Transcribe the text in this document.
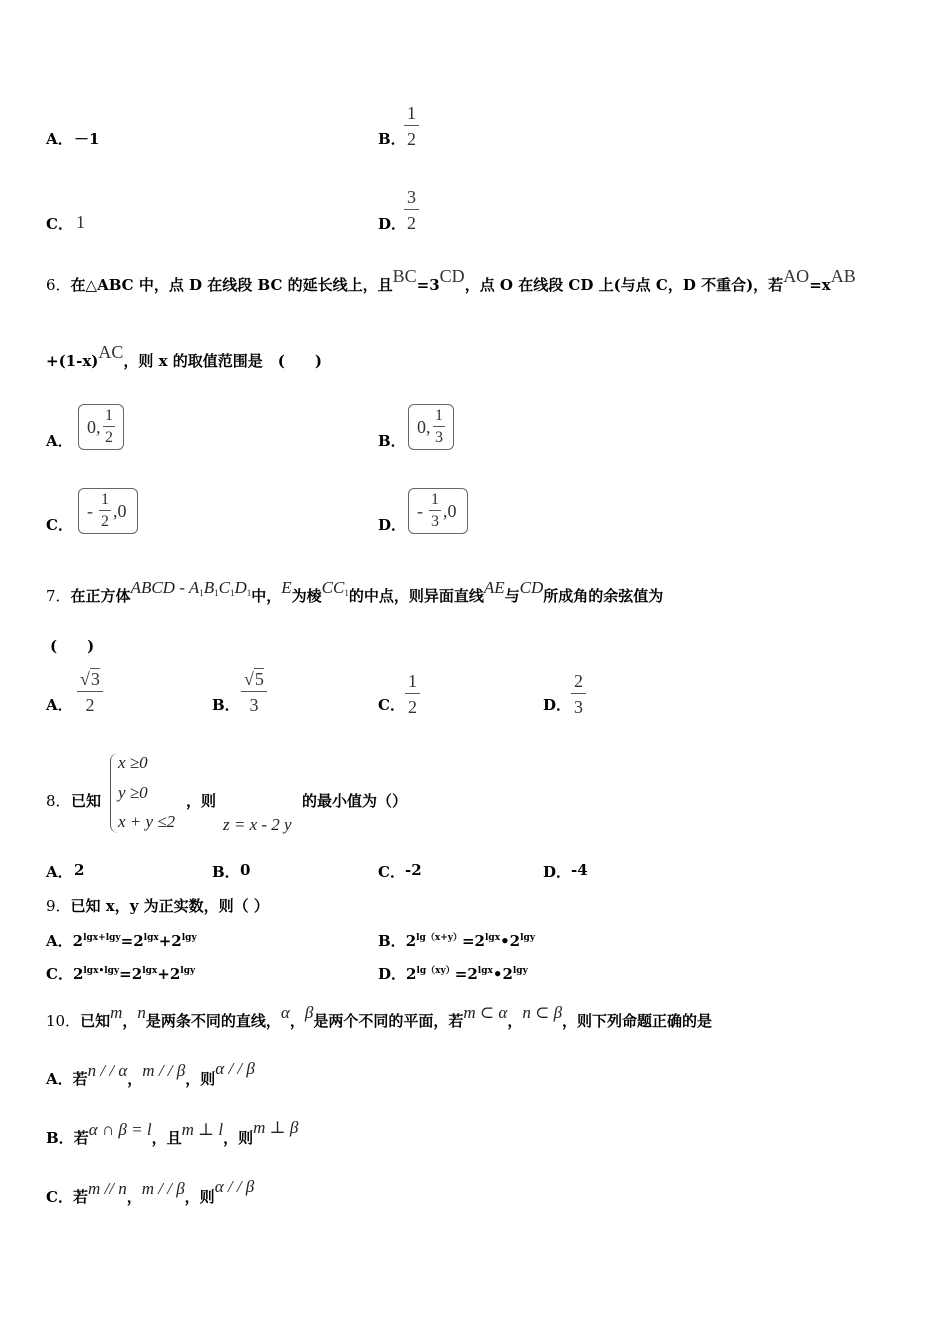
A． －1	B．
$\frac{1}{2}$
C． 1	D．
$\frac{3}{2}$
6．在△ABC 中，点 D 在线段 BC 的延长线上，且BC=3CD，点 O 在线段 CD 上(与点 C，D 不重合)，若AO=xAB
+(1-x)AC，则 x 的取值范围是　(　　)
A．
0, $\frac{1}{2}$	B．
0, $\frac{1}{3}$
C．
- $\frac{1}{2} ,0$
D．
- $\frac{1}{3} ,0$
7．在正方体ABCD - $A_1B_1C_1D_1$中，E为棱$CC_1$的中点，则异面直线AE与CD所成角的余弦值为
(　　)
A． $\frac{√3}{2}$	B． $\frac{√5}{3}$	C． $\frac{1}{2}$	D． $\frac{2}{3}$
8． 已知
x ≥0
y ≥0
x + y ≤2
，则	的最小值为（）
z = x - 2 y
A． 2	B． 0	C． -2	D． -4
9．已知 x，y 为正实数，则（ ）
A．$2^{lgx+lgy}=2^{lgx}+2^{lgy}$	B．$2^{lg(x+y)}=2^{lgx}•2^{lgy}$
C．$2^{lgx•lgy}=2^{lgx}+2^{lgy}$	D．$2^{lg(xy)}=2^{lgx}•2^{lgy}$
10．已知m，n是两条不同的直线，α，β是两个不同的平面，若m ⊂ α，n ⊂ β，则下列命题正确的是
A．若n / / α，m / / β，则α / / β
B．若α ∩ β = l，且m ⊥ l，则m ⊥ β
C．若m // n，m / / β，则α / / β
